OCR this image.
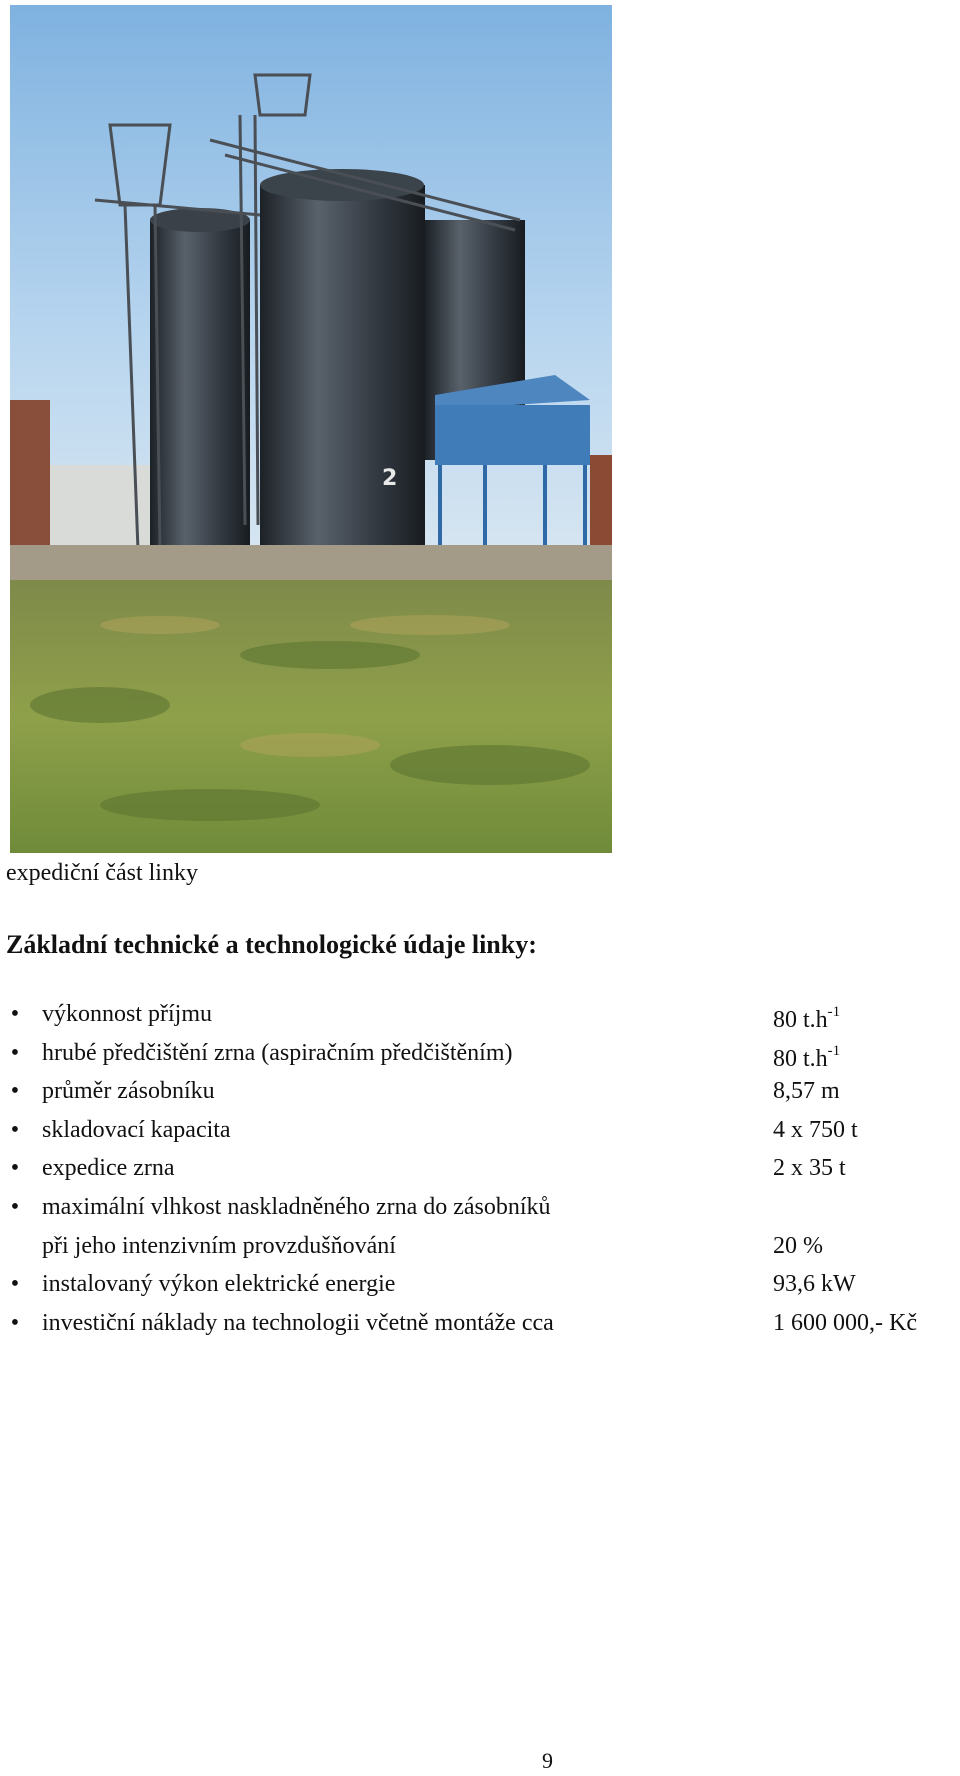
2
expediční část linky
Základní technické a technologické údaje linky:
• výkonnost příjmu	80 $t.h^{-1}$
• hrubé předčištění zrna (aspiračním předčištěním)	80 $t.h^{-1}$
• průměr zásobníku	8,57 m
• skladovací kapacita	4 x 750 t
• expedice zrna	2 x 35 t
• maximální vlhkost naskladněného zrna do zásobníků
při jeho intenzivním provzdušňování	20 %
• instalovaný výkon elektrické energie	93,6 kW
• investiční náklady na technologii včetně montáže cca	1 600 000,- Kč
9
